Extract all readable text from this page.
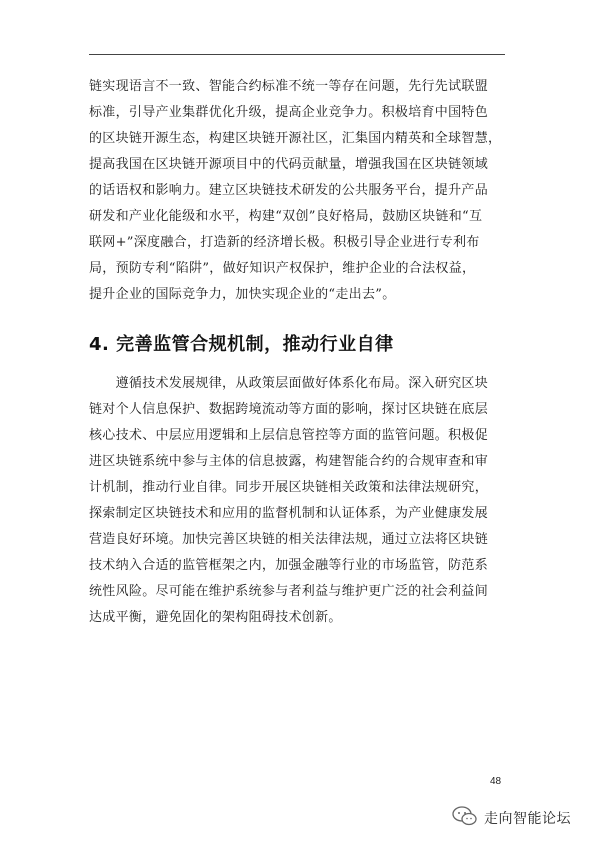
链实现语言不一致、智能合约标准不统一等存在问题，先行先试联盟
标准，引导产业集群优化升级，提高企业竞争力。积极培育中国特色
的区块链开源生态，构建区块链开源社区，汇集国内精英和全球智慧，
提高我国在区块链开源项目中的代码贡献量，增强我国在区块链领域
的话语权和影响力。建立区块链技术研发的公共服务平台，提升产品
研发和产业化能级和水平，构建“双创”良好格局，鼓励区块链和“互
联网+”深度融合，打造新的经济增长极。积极引导企业进行专利布
局，预防专利“陷阱”，做好知识产权保护，维护企业的合法权益，
提升企业的国际竞争力，加快实现企业的“走出去”。
4. 完善监管合规机制，推动行业自律
　　遵循技术发展规律，从政策层面做好体系化布局。深入研究区块
链对个人信息保护、数据跨境流动等方面的影响，探讨区块链在底层
核心技术、中层应用逻辑和上层信息管控等方面的监管问题。积极促
进区块链系统中参与主体的信息披露，构建智能合约的合规审查和审
计机制，推动行业自律。同步开展区块链相关政策和法律法规研究，
探索制定区块链技术和应用的监督机制和认证体系，为产业健康发展
营造良好环境。加快完善区块链的相关法律法规，通过立法将区块链
技术纳入合适的监管框架之内，加强金融等行业的市场监管，防范系
统性风险。尽可能在维护系统参与者利益与维护更广泛的社会利益间
达成平衡，避免固化的架构阻碍技术创新。
48
走向智能论坛
